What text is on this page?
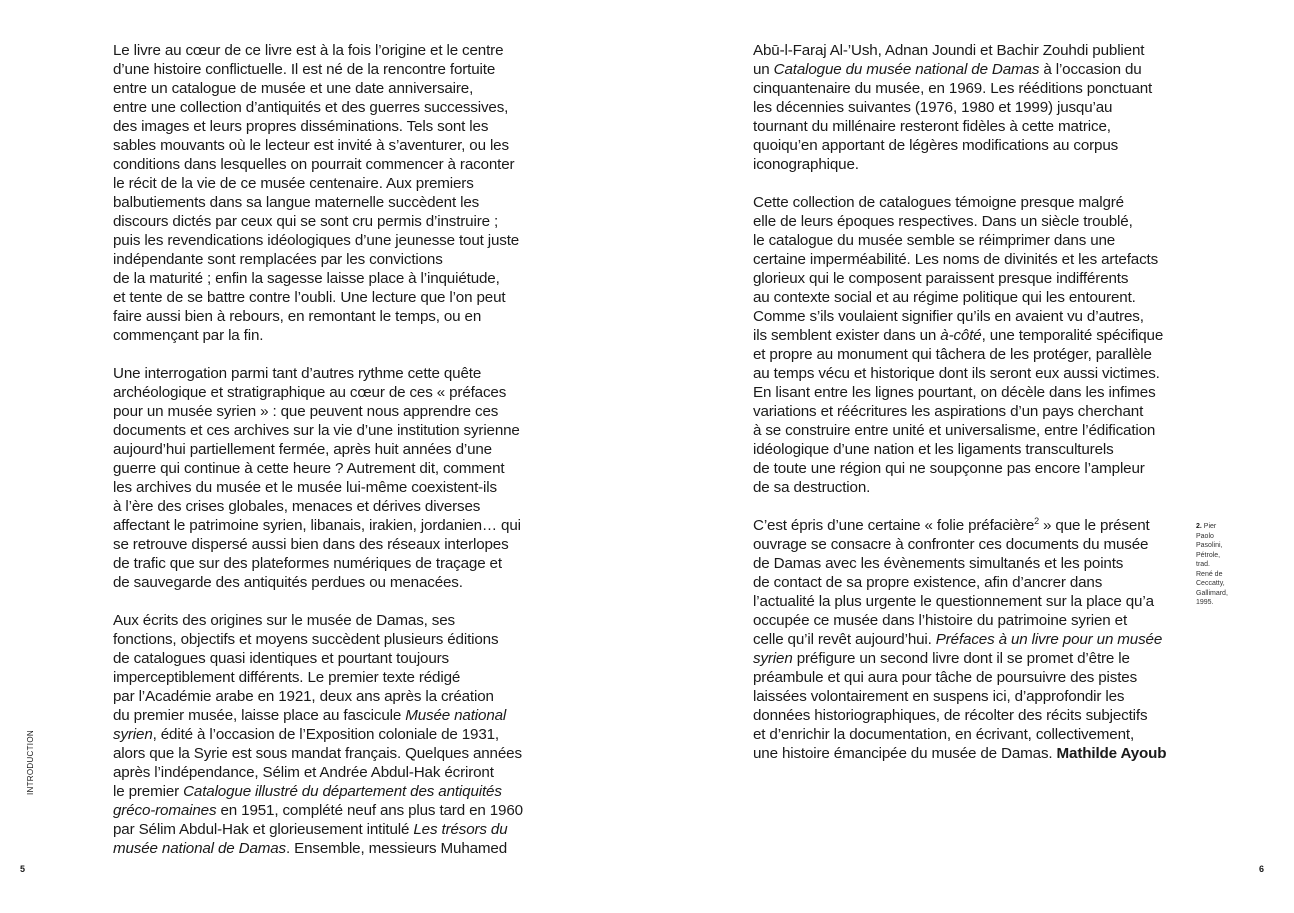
Le livre au cœur de ce livre est à la fois l’origine et le centre
d’une histoire conflictuelle. Il est né de la rencontre fortuite
entre un catalogue de musée et une date anniversaire,
entre une collection d’antiquités et des guerres successives,
des images et leurs propres disséminations. Tels sont les
sables mouvants où le lecteur est invité à s’aventurer, ou les
conditions dans lesquelles on pourrait commencer à raconter
le récit de la vie de ce musée centenaire. Aux premiers
balbutiements dans sa langue maternelle succèdent les
discours dictés par ceux qui se sont cru permis d’instruire ;
puis les revendications idéologiques d’une jeunesse tout juste
indépendante sont remplacées par les convictions
de la maturité ; enfin la sagesse laisse place à l’inquiétude,
et tente de se battre contre l’oubli. Une lecture que l’on peut
faire aussi bien à rebours, en remontant le temps, ou en
commençant par la fin.

Une interrogation parmi tant d’autres rythme cette quête
archéologique et stratigraphique au cœur de ces « préfaces
pour un musée syrien » : que peuvent nous apprendre ces
documents et ces archives sur la vie d’une institution syrienne
aujourd’hui partiellement fermée, après huit années d’une
guerre qui continue à cette heure ? Autrement dit, comment
les archives du musée et le musée lui-même coexistent-ils
à l’ère des crises globales, menaces et dérives diverses
affectant le patrimoine syrien, libanais, irakien, jordanien… qui
se retrouve dispersé aussi bien dans des réseaux interlopes
de trafic que sur des plateformes numériques de traçage et
de sauvegarde des antiquités perdues ou menacées.

Aux écrits des origines sur le musée de Damas, ses
fonctions, objectifs et moyens succèdent plusieurs éditions
de catalogues quasi identiques et pourtant toujours
imperceptiblement différents. Le premier texte rédigé
par l’Académie arabe en 1921, deux ans après la création
du premier musée, laisse place au fascicule Musée national
syrien, édité à l’occasion de l’Exposition coloniale de 1931,
alors que la Syrie est sous mandat français. Quelques années
après l’indépendance, Sélim et Andrée Abdul-Hak écriront
le premier Catalogue illustré du département des antiquités
gréco-romaines en 1951, complété neuf ans plus tard en 1960
par Sélim Abdul-Hak et glorieusement intitulé Les trésors du
musée national de Damas. Ensemble, messieurs Muhamed

INTRODUCTION
5

Abū-l-Faraj Al-’Ush, Adnan Joundi et Bachir Zouhdi publient
un Catalogue du musée national de Damas à l’occasion du
cinquantenaire du musée, en 1969. Les rééditions ponctuant
les décennies suivantes (1976, 1980 et 1999) jusqu’au
tournant du millénaire resteront fidèles à cette matrice,
quoiqu’en apportant de légères modifications au corpus
iconographique.

Cette collection de catalogues témoigne presque malgré
elle de leurs époques respectives. Dans un siècle troublé,
le catalogue du musée semble se réimprimer dans une
certaine imperméabilité. Les noms de divinités et les artefacts
glorieux qui le composent paraissent presque indifférents
au contexte social et au régime politique qui les entourent.
Comme s’ils voulaient signifier qu’ils en avaient vu d’autres,
ils semblent exister dans un à-côté, une temporalité spécifique
et propre au monument qui tâchera de les protéger, parallèle
au temps vécu et historique dont ils seront eux aussi victimes.
En lisant entre les lignes pourtant, on décèle dans les infimes
variations et réécritures les aspirations d’un pays cherchant
à se construire entre unité et universalisme, entre l’édification
idéologique d’une nation et les ligaments transculturels
de toute une région qui ne soupçonne pas encore l’ampleur
de sa destruction.

C’est épris d’une certaine « folie préfacière$^2$ » que le présent
ouvrage se consacre à confronter ces documents du musée
de Damas avec les évènements simultanés et les points
de contact de sa propre existence, afin d’ancrer dans
l’actualité la plus urgente le questionnement sur la place qu’a
occupée ce musée dans l’histoire du patrimoine syrien et
celle qu’il revêt aujourd’hui. Préfaces à un livre pour un musée
syrien préfigure un second livre dont il se promet d’être le
préambule et qui aura pour tâche de poursuivre des pistes
laissées volontairement en suspens ici, d’approfondir les
données historiographiques, de récolter des récits subjectifs
et d’enrichir la documentation, en écrivant, collectivement,
une histoire émancipée du musée de Damas. Mathilde Ayoub

2. Pier
Paolo
Pasolini,
Pétrole,
trad.
René de
Ceccatty,
Gallimard,
1995.
6
